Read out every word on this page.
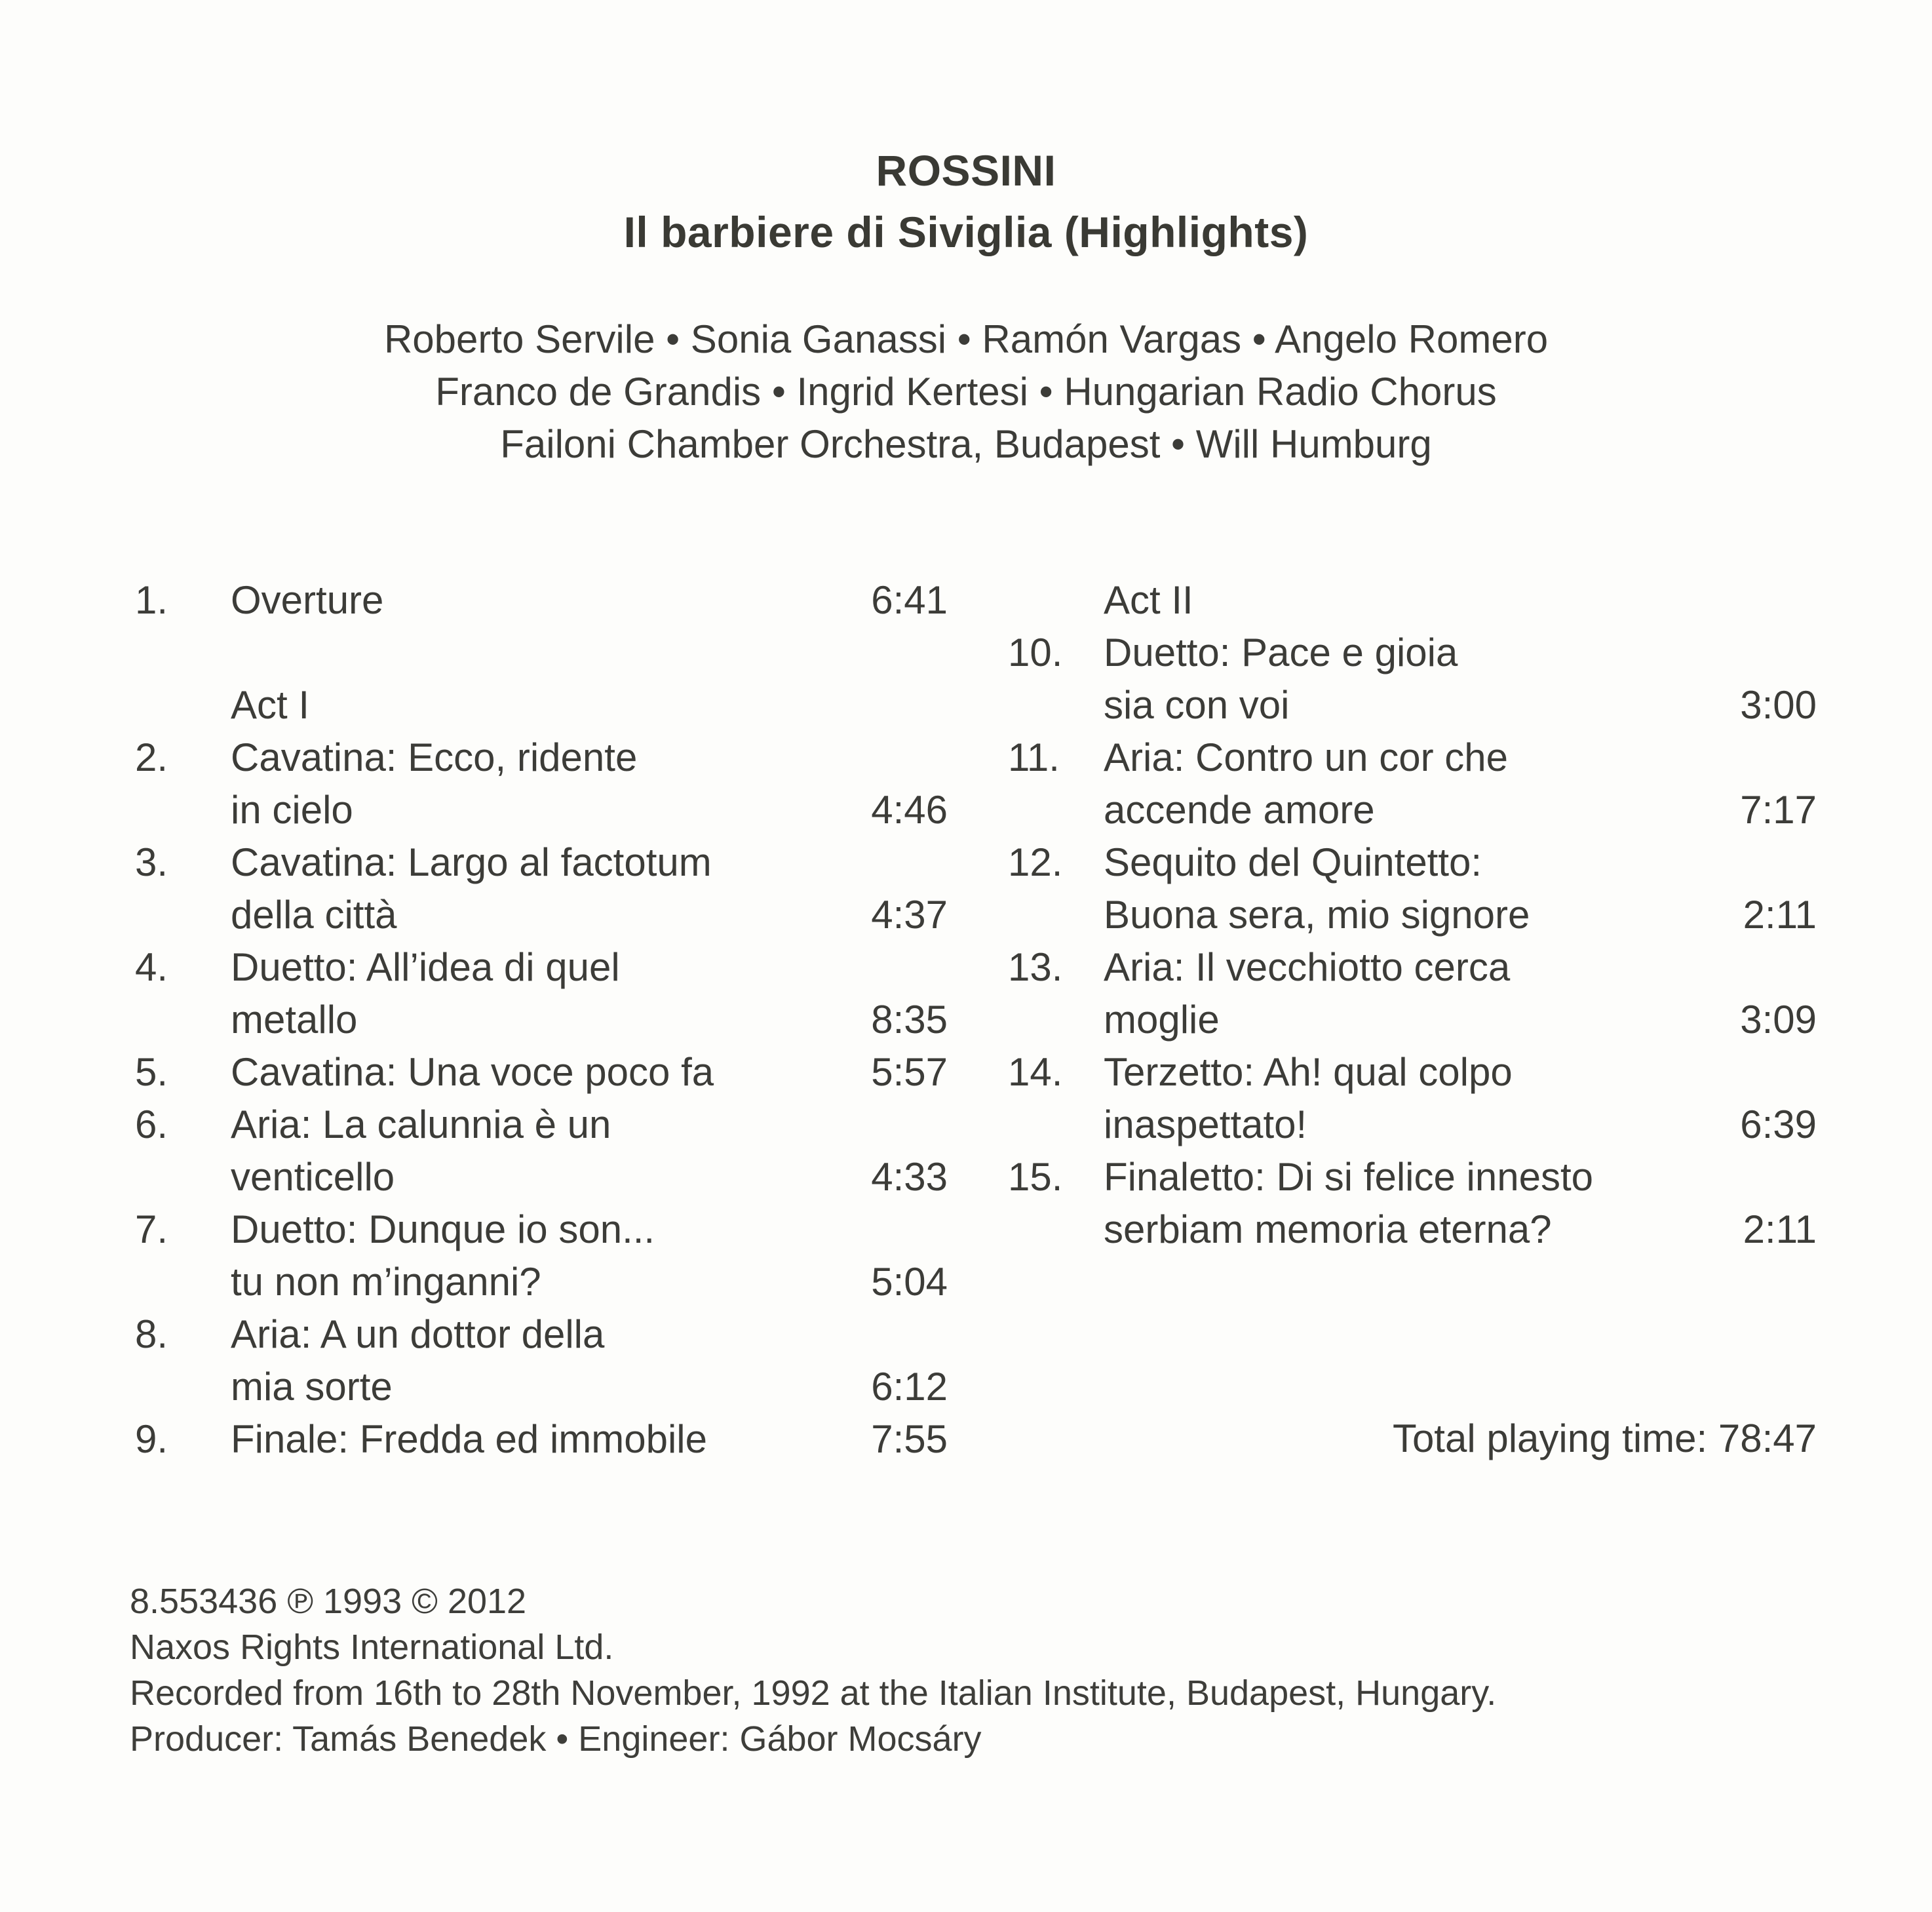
ROSSINI
Il barbiere di Siviglia (Highlights)
Roberto Servile • Sonia Ganassi • Ramón Vargas • Angelo Romero
Franco de Grandis • Ingrid Kertesi • Hungarian Radio Chorus
Failoni Chamber Orchestra, Budapest • Will Humburg
1. Overture	6:41
Act I
2. Cavatina: Ecco, ridente
in cielo	4:46
3. Cavatina: Largo al factotum
della città	4:37
4. Duetto: All’idea di quel
metallo	8:35
5. Cavatina: Una voce poco fa	5:57
6. Aria: La calunnia è un
venticello	4:33
7. Duetto: Dunque io son...
tu non m’inganni?	5:04
8. Aria: A un dottor della
mia sorte	6:12
9. Finale: Fredda ed immobile	7:55
Act II
10. Duetto: Pace e gioia
sia con voi	3:00
11. Aria: Contro un cor che
accende amore	7:17
12. Sequito del Quintetto:
Buona sera, mio signore	2:11
13. Aria: Il vecchiotto cerca
moglie	3:09
14. Terzetto: Ah! qual colpo
inaspettato!	6:39
15. Finaletto: Di si felice innesto
serbiam memoria eterna?	2:11
Total playing time: 78:47
8.553436 ℗ 1993 © 2012
Naxos Rights International Ltd.
Recorded from 16th to 28th November, 1992 at the Italian Institute, Budapest, Hungary.
Producer: Tamás Benedek • Engineer: Gábor Mocsáry
